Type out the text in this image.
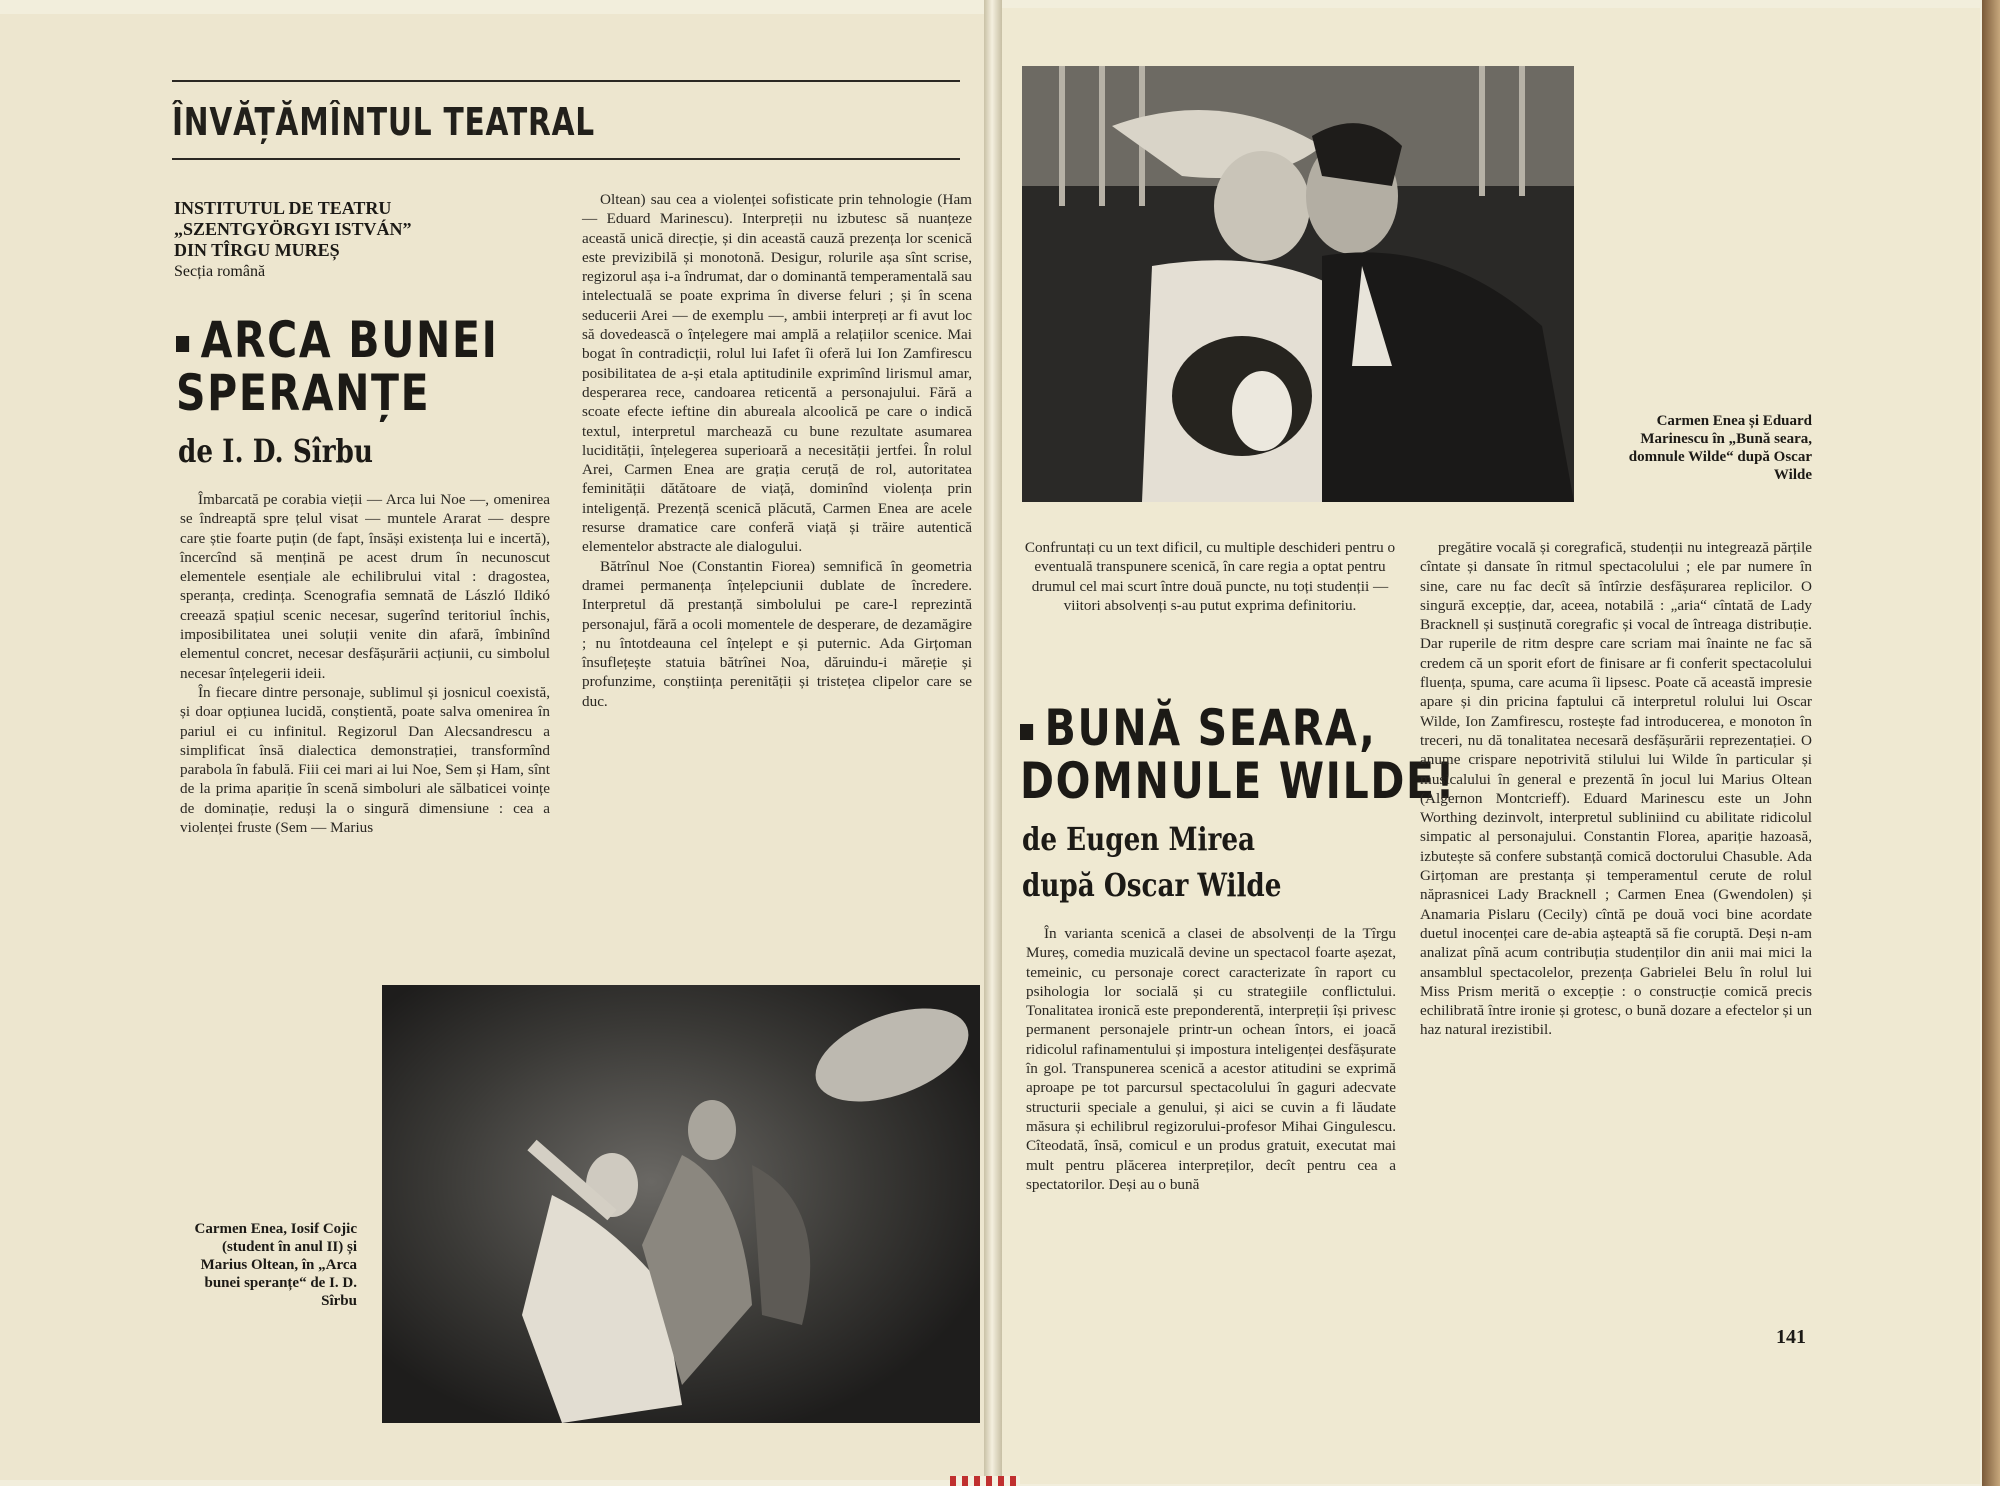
ÎNVĂȚĂMÎNTUL TEATRAL
INSTITUTUL DE TEATRU
„SZENTGYÖRGYI ISTVÁN”
DIN TÎRGU MUREȘ
Secția română
ARCA BUNEI
SPERANȚE
de I. D. Sîrbu

Îmbarcată pe corabia vieții — Arca lui Noe —, omenirea se îndreaptă spre țelul visat — muntele Ararat — despre care știe foarte puțin (de fapt, însăși existența lui e incertă), încercînd să mențină pe acest drum în necunoscut elementele esențiale ale echilibrului vital : dragostea, speranța, credința. Scenografia semnată de László Ildikó creează spațiul scenic necesar, sugerînd teritoriul închis, imposibilitatea unei soluții venite din afară, îmbinînd elementul concret, necesar desfășurării acțiunii, cu simbolul necesar înțelegerii ideii.

În fiecare dintre personaje, sublimul și josnicul coexistă, și doar opțiunea lucidă, conștientă, poate salva omenirea în pariul ei cu infinitul. Regizorul Dan Alecsandrescu a simplificat însă dialectica demonstrației, transformînd parabola în fabulă. Fiii cei mari ai lui Noe, Sem și Ham, sînt de la prima apariție în scenă simboluri ale sălbaticei voințe de dominație, reduși la o singură dimensiune : cea a violenței fruste (Sem — Marius

Oltean) sau cea a violenței sofisticate prin tehnologie (Ham — Eduard Marinescu). Interpreții nu izbutesc să nuanțeze această unică direcție, și din această cauză prezența lor scenică este previzibilă și monotonă. Desigur, rolurile așa sînt scrise, regizorul așa i-a îndrumat, dar o dominantă temperamentală sau intelectuală se poate exprima în diverse feluri ; și în scena seducerii Arei — de exemplu —, ambii interpreți ar fi avut loc să dovedească o înțelegere mai amplă a relațiilor scenice. Mai bogat în contradicții, rolul lui Iafet îi oferă lui Ion Zamfirescu posibilitatea de a-și etala aptitudinile exprimînd lirismul amar, desperarea rece, candoarea reticentă a personajului. Fără a scoate efecte ieftine din abureala alcoolică pe care o indică textul, interpretul marchează cu bune rezultate asumarea lucidității, înțelegerea superioară a necesității jertfei. În rolul Arei, Carmen Enea are grația ceruță de rol, autoritatea feminității dătătoare de viață, dominînd violența prin inteligență. Prezență scenică plăcută, Carmen Enea are acele resurse dramatice care conferă viață și trăire autentică elementelor abstracte ale dialogului.

Bătrînul Noe (Constantin Fiorea) semnifică în geometria dramei permanența înțelepciunii dublate de încredere. Interpretul dă prestanță simbolului pe care-l reprezintă personajul, fără a ocoli momentele de desperare, de dezamăgire ; nu întotdeauna cel înțelept e și puternic. Ada Girțoman însuflețește statuia bătrînei Noa, dăruindu-i măreție și profunzime, conștiința perenității și tristețea clipelor care se duc.

Carmen Enea, Iosif Cojic (student în anul II) și Marius Oltean, în „Arca bunei speranțe“ de I. D. Sîrbu
Carmen Enea și Eduard Marinescu în „Bună seara, domnule Wilde“ după Oscar Wilde
Confruntați cu un text dificil, cu multiple deschideri pentru o eventuală transpunere scenică, în care regia a optat pentru drumul cel mai scurt între două puncte, nu toți studenții — viitori absolvenți s-au putut exprima definitoriu.
BUNĂ SEARA,
DOMNULE WILDE!
de Eugen Mirea
după Oscar Wilde

În varianta scenică a clasei de absolvenți de la Tîrgu Mureș, comedia muzicală devine un spectacol foarte așezat, temeinic, cu personaje corect caracterizate în raport cu psihologia lor socială și cu strategiile conflictului. Tonalitatea ironică este preponderentă, interpreții își privesc permanent personajele printr-un ochean întors, ei joacă ridicolul rafinamentului și impostura inteligenței desfășurate în gol. Transpunerea scenică a acestor atitudini se exprimă aproape pe tot parcursul spectacolului în gaguri adecvate structurii speciale a genului, și aici se cuvin a fi lăudate măsura și echilibrul regizorului-profesor Mihai Gingulescu. Cîteodată, însă, comicul e un produs gratuit, executat mai mult pentru plăcerea interpreților, decît pentru cea a spectatorilor. Deși au o bună

pregătire vocală și coregrafică, studenții nu integrează părțile cîntate și dansate în ritmul spectacolului ; ele par numere în sine, care nu fac decît să întîrzie desfășurarea replicilor. O singură excepție, dar, aceea, notabilă : „aria“ cîntată de Lady Bracknell și susținută coregrafic și vocal de întreaga distribuție. Dar ruperile de ritm despre care scriam mai înainte ne fac să credem că un sporit efort de finisare ar fi conferit spectacolului fluența, spuma, care acuma îi lipsesc. Poate că această impresie apare și din pricina faptului că interpretul rolului lui Oscar Wilde, Ion Zamfirescu, rostește fad introducerea, e monoton în treceri, nu dă tonalitatea necesară desfășurării reprezentației. O anume crispare nepotrivită stilului lui Wilde în particular și musicalului în general e prezentă în jocul lui Marius Oltean (Algernon Montcrieff). Eduard Marinescu este un John Worthing dezinvolt, interpretul subliniind cu abilitate ridicolul simpatic al personajului. Constantin Florea, apariție hazoasă, izbutește să confere substanță comică doctorului Chasuble. Ada Girțoman are prestanța și temperamentul cerute de rolul năprasnicei Lady Bracknell ; Carmen Enea (Gwendolen) și Anamaria Pislaru (Cecily) cîntă pe două voci bine acordate duetul inocenței care de-abia așteaptă să fie coruptă. Deși n-am analizat pînă acum contribuția studenților din anii mai mici la ansamblul spectacolelor, prezența Gabrielei Belu în rolul lui Miss Prism merită o excepție : o construcție comică precis echilibrată între ironie și grotesc, o bună dozare a efectelor și un haz natural irezistibil.

141
